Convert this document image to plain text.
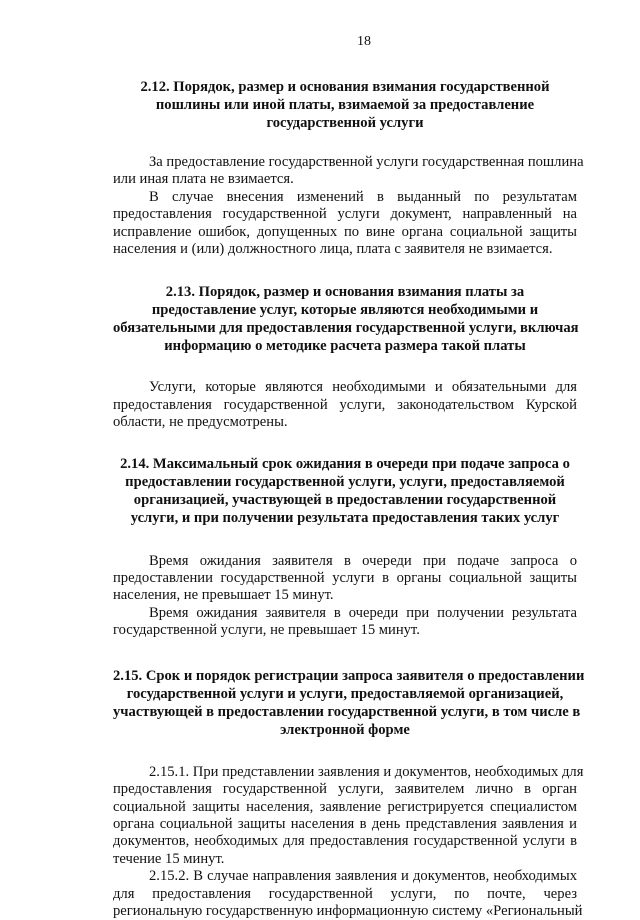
18
2.12. Порядок, размер и основания взимания государственной
пошлины или иной платы, взимаемой за предоставление
государственной услуги
За предоставление государственной услуги государственная пошлина
или иная плата не взимается.
В случае внесения изменений в выданный по результатам
предоставления государственной услуги документ, направленный на
исправление ошибок, допущенных по вине органа социальной защиты
населения и (или) должностного лица, плата с заявителя не взимается.
2.13. Порядок, размер и основания взимания платы за
предоставление услуг, которые являются необходимыми и
обязательными для предоставления государственной услуги, включая
информацию о методике расчета размера такой платы
Услуги, которые являются необходимыми и обязательными для
предоставления государственной услуги, законодательством Курской
области, не предусмотрены.
2.14. Максимальный срок ожидания в очереди при подаче запроса о
предоставлении государственной услуги, услуги, предоставляемой
организацией, участвующей в предоставлении государственной
услуги, и при получении результата предоставления таких услуг
Время ожидания заявителя в очереди при подаче запроса о
предоставлении государственной услуги в органы социальной защиты
населения, не превышает 15 минут.
Время ожидания заявителя в очереди при получении результата
государственной услуги, не превышает 15 минут.
2.15. Срок и порядок регистрации запроса заявителя о предоставлении
государственной услуги и услуги, предоставляемой организацией,
участвующей в предоставлении государственной услуги, в том числе в
электронной форме
2.15.1. При представлении заявления и документов, необходимых для
предоставления государственной услуги, заявителем лично в орган
социальной защиты населения, заявление регистрируется специалистом
органа социальной защиты населения в день представления заявления и
документов, необходимых для предоставления государственной услуги в
течение 15 минут.
2.15.2. В случае направления заявления и документов, необходимых
для предоставления государственной услуги, по почте, через
региональную государственную информационную систему «Региональный
